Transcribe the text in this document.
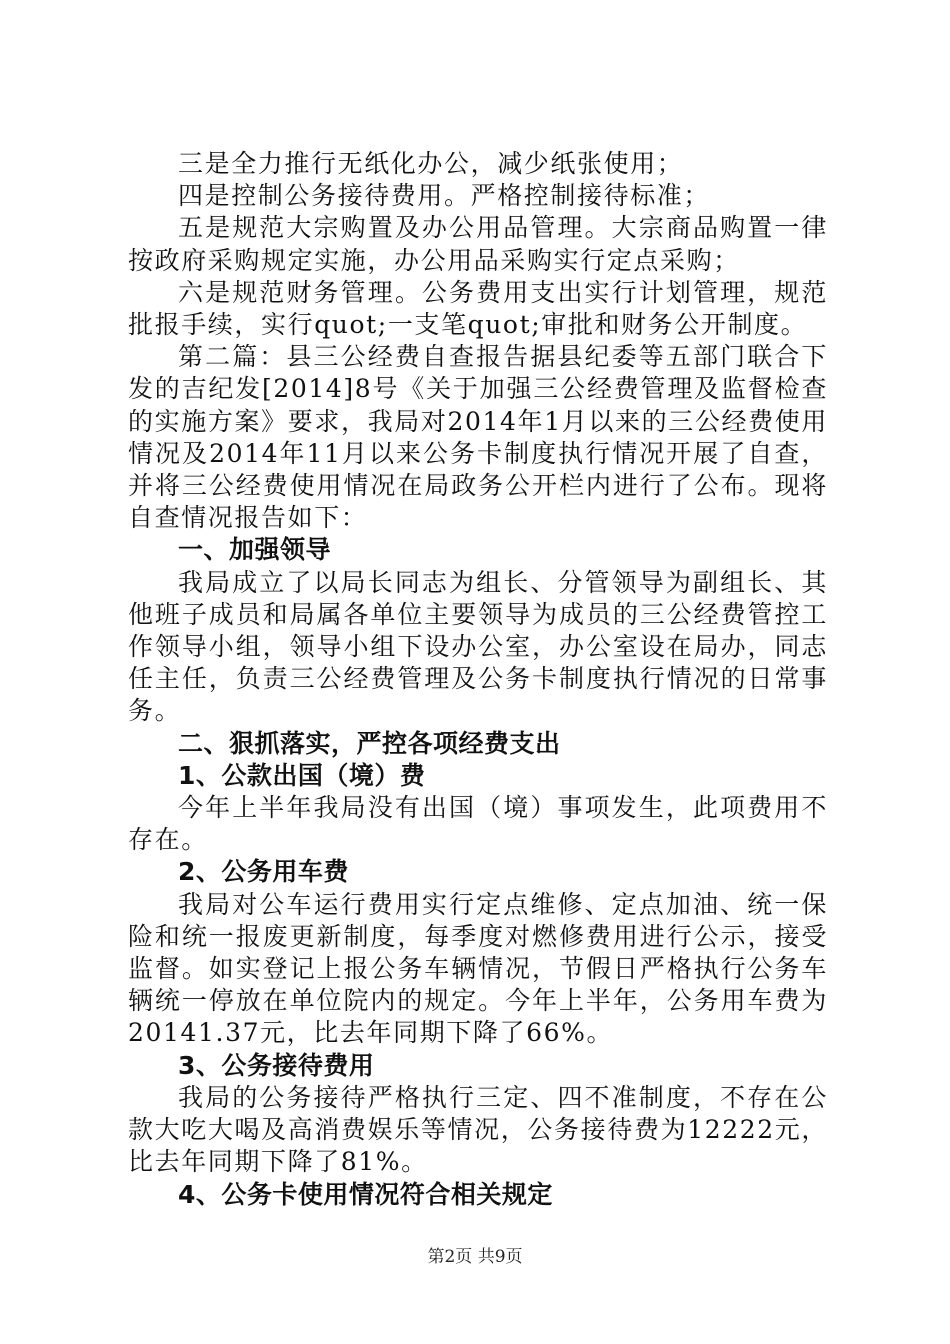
三是全力推行无纸化办公，减少纸张使用；

四是控制公务接待费用。严格控制接待标准；

五是规范大宗购置及办公用品管理。大宗商品购置一律按政府采购规定实施，办公用品采购实行定点采购；

六是规范财务管理。公务费用支出实行计划管理，规范批报手续，实行quot;一支笔quot;审批和财务公开制度。

第二篇：县三公经费自查报告据县纪委等五部门联合下发的吉纪发[2014]8号《关于加强三公经费管理及监督检查的实施方案》要求，我局对2014年1月以来的三公经费使用情况及2014年11月以来公务卡制度执行情况开展了自查，并将三公经费使用情况在局政务公开栏内进行了公布。现将自查情况报告如下：

一、加强领导

我局成立了以局长同志为组长、分管领导为副组长、其他班子成员和局属各单位主要领导为成员的三公经费管控工作领导小组，领导小组下设办公室，办公室设在局办，同志任主任，负责三公经费管理及公务卡制度执行情况的日常事务。

二、狠抓落实，严控各项经费支出

1、公款出国（境）费

今年上半年我局没有出国（境）事项发生，此项费用不存在。

2、公务用车费

我局对公车运行费用实行定点维修、定点加油、统一保险和统一报废更新制度，每季度对燃修费用进行公示，接受监督。如实登记上报公务车辆情况，节假日严格执行公务车辆统一停放在单位院内的规定。今年上半年，公务用车费为20141.37元，比去年同期下降了66%。

3、公务接待费用

我局的公务接待严格执行三定、四不准制度，不存在公款大吃大喝及高消费娱乐等情况，公务接待费为12222元，比去年同期下降了81%。

4、公务卡使用情况符合相关规定

第2页 共9页
